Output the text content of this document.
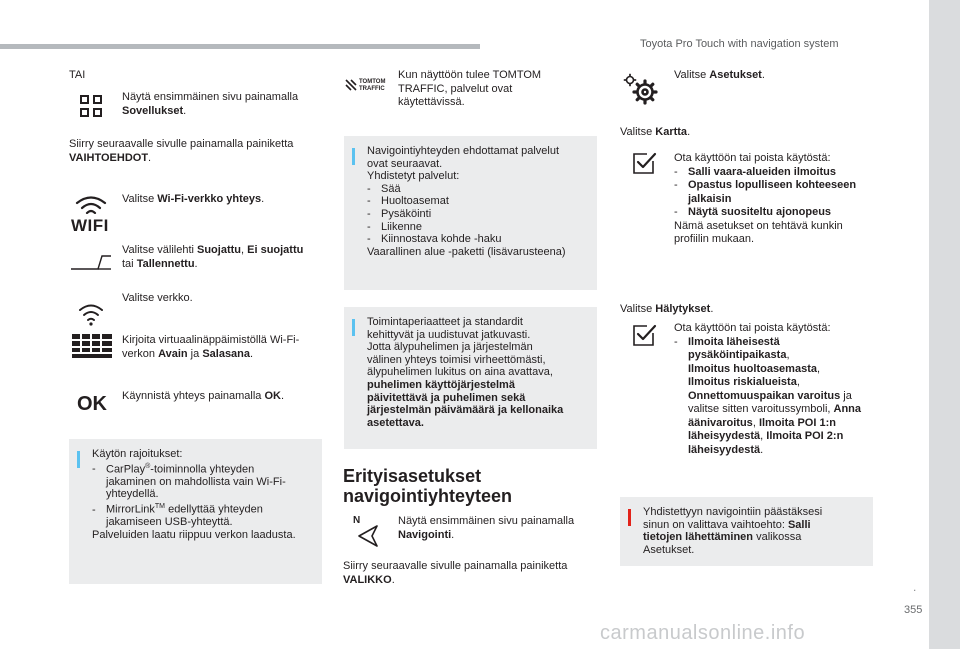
Toyota Pro Touch with navigation system
.
355
carmanualsonline.info
TAI
Näytä ensimmäinen sivu painamalla Sovellukset.
Siirry seuraavalle sivulle painamalla painiketta VAIHTOEHDOT.
WIFI
Valitse Wi-Fi-verkko yhteys.
Valitse välilehti Suojattu, Ei suojattu tai Tallennettu.
Valitse verkko.
Kirjoita virtuaalinäppäimistöllä Wi-Fi-verkon Avain ja Salasana.
OK Käynnistä yhteys painamalla OK.
Käytön rajoitukset:
- CarPlay®-toiminnolla yhteyden
jakaminen on mahdollista vain Wi-Fi-
yhteydellä.
- MirrorLink™ edellyttää yhteyden
jakamiseen USB-yhteyttä.
Palveluiden laatu riippuu verkon laadusta.
TOMTOM
TRAFFIC
Kun näyttöön tulee TOMTOM TRAFFIC, palvelut ovat käytettävissä.
Navigointiyhteyden ehdottamat palvelut
ovat seuraavat.
Yhdistetyt palvelut:
- Sää
- Huoltoasemat
- Pysäköinti
- Liikenne
- Kiinnostava kohde -haku
Vaarallinen alue -paketti (lisävarusteena)
Toimintaperiaatteet ja standardit
kehittyvät ja uudistuvat jatkuvasti.
Jotta älypuhelimen ja järjestelmän
välinen yhteys toimisi virheettömästi,
älypuhelimen lukitus on aina avattava,
puhelimen käyttöjärjestelmä
päivitettävä ja puhelimen sekä
järjestelmän päivämäärä ja kellonaika
asetettava.
Erityisasetukset
navigointiyhteyteen
N	Näytä ensimmäinen sivu painamalla Navigointi.
Siirry seuraavalle sivulle painamalla painiketta VALIKKO.
Valitse Asetukset.
Valitse Kartta.
Ota käyttöön tai poista käytöstä:
- Salli vaara-alueiden ilmoitus
- Opastus lopulliseen kohteeseen jalkaisin
- Näytä suositeltu ajonopeus
Nämä asetukset on tehtävä kunkin profiilin mukaan.
Valitse Hälytykset.
Ota käyttöön tai poista käytöstä:
- Ilmoita läheisestä pysäköintipaikasta,
Ilmoitus huoltoasemasta,
Ilmoitus riskialueista,
Onnettomuuspaikan varoitus ja valitse sitten varoitussymboli, Anna äänivaroitus, Ilmoita POI 1:n läheisyydestä, Ilmoita POI 2:n läheisyydestä.
Yhdistettyyn navigointiin päästäksesi
sinun on valittava vaihtoehto: Salli
tietojen lähettäminen valikossa
Asetukset.
